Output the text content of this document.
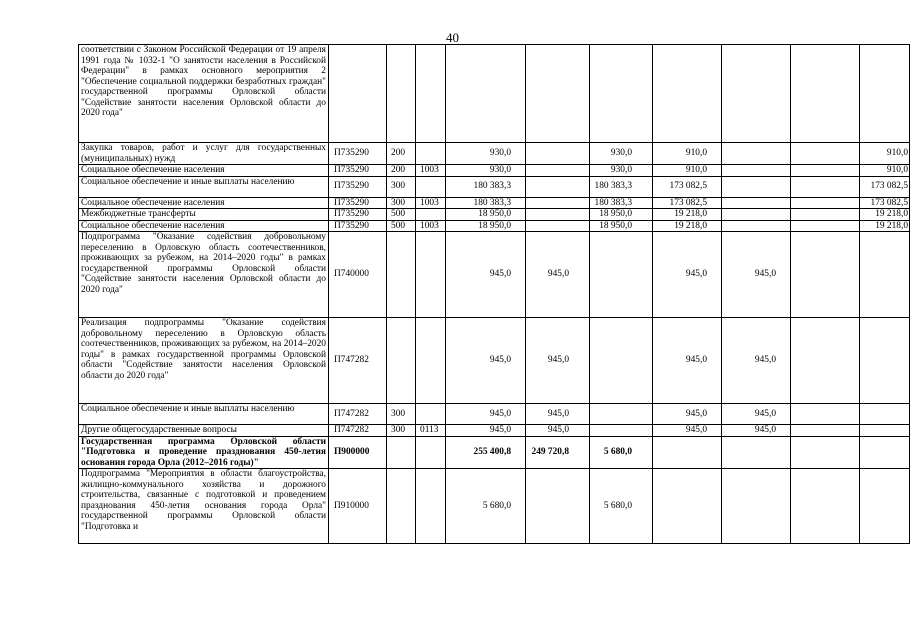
40
соответствии с Законом Российской Федерации от 19 апреля 1991 года № 1032-1 "О занятости населения в Российской Федерации" в рамках основного мероприятия 2 "Обеспечение социальной поддержки безработных граждан" государственной программы Орловской области "Содействие занятости населения Орловской области до 2020 года"										
Закупка товаров, работ и услуг для государственных (муниципальных) нужд	П735290	200		930,0		930,0	910,0			910,0
Социальное обеспечение населения	П735290	200	1003	930,0		930,0	910,0			910,0
Социальное обеспечение и иные выплаты населению	П735290	300		180 383,3		180 383,3	173 082,5			173 082,5
Социальное обеспечение населения	П735290	300	1003	180 383,3		180 383,3	173 082,5			173 082,5
Межбюджетные трансферты	П735290	500		18 950,0		18 950,0	19 218,0			19 218,0
Социальное обеспечение населения	П735290	500	1003	18 950,0		18 950,0	19 218,0			19 218,0
Подпрограмма "Оказание содействия добровольному переселению в Орловскую область соотечественников, проживающих за рубежом, на 2014–2020 годы" в рамках государственной программы Орловской области "Содействие занятости населения Орловской области до 2020 года"	П740000			945,0	945,0		945,0	945,0		
Реализация подпрограммы "Оказание содействия добровольному переселению в Орловскую область соотечественников, проживающих за рубежом, на 2014–2020 годы" в рамках государственной программы Орловской области "Содействие занятости населения Орловской области до 2020 года"	П747282			945,0	945,0		945,0	945,0		
Социальное обеспечение и иные выплаты населению	П747282	300		945,0	945,0		945,0	945,0		
Другие общегосударственные вопросы	П747282	300	0113	945,0	945,0		945,0	945,0		
Государственная программа Орловской области "Подготовка и проведение празднования 450-летия основания города Орла (2012–2016 годы)"	П900000			255 400,8	249 720,8	5 680,0				
Подпрограмма "Мероприятия в области благоустройства, жилищно-коммунального хозяйства и дорожного строительства, связанные с подготовкой и проведением празднования 450-летия основания города Орла" государственной программы Орловской области "Подготовка и	П910000			5 680,0		5 680,0				
